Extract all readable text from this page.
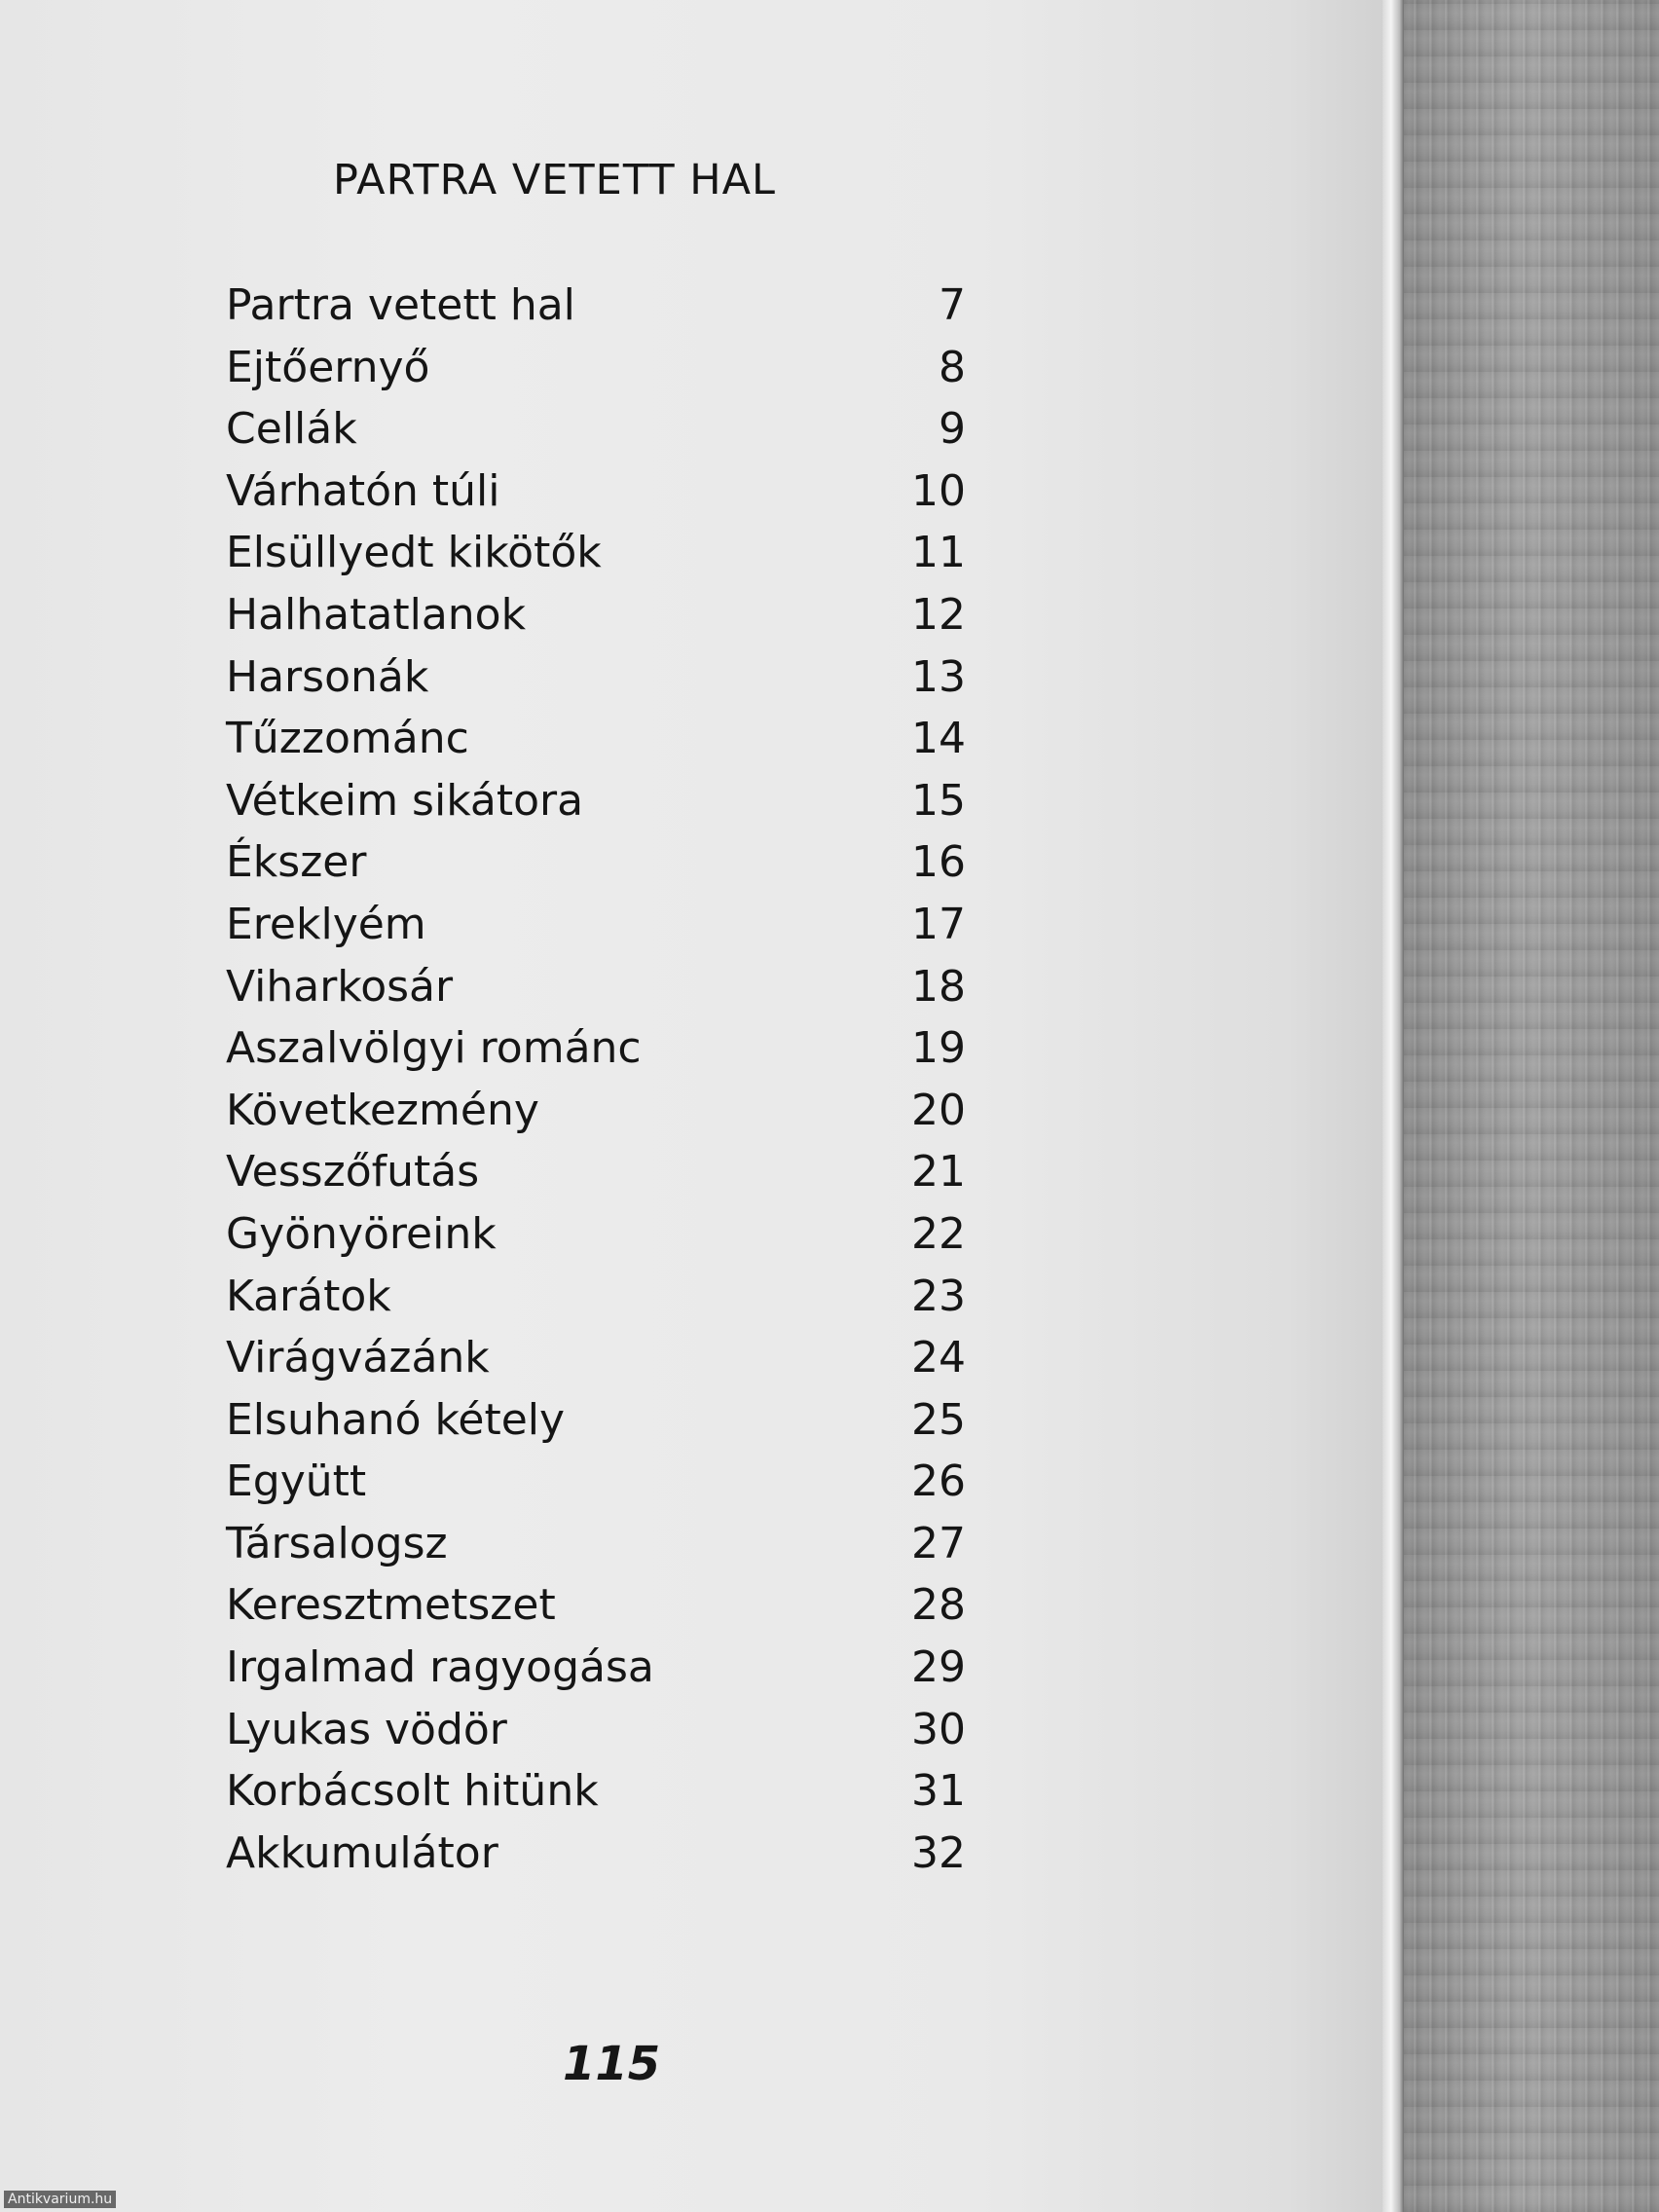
PARTRA VETETT HAL
Partra vetett hal	7
Ejtőernyő	8
Cellák	9
Várhatón túli	10
Elsüllyedt kikötők	11
Halhatatlanok	12
Harsonák	13
Tűzzománc	14
Vétkeim sikátora	15
Ékszer	16
Ereklyém	17
Viharkosár	18
Aszalvölgyi románc	19
Következmény	20
Vesszőfutás	21
Gyönyöreink	22
Karátok	23
Virágvázánk	24
Elsuhanó kétely	25
Együtt	26
Társalogsz	27
Keresztmetszet	28
Irgalmad ragyogása	29
Lyukas vödör	30
Korbácsolt hitünk	31
Akkumulátor	32
115
Antikvarium.hu
